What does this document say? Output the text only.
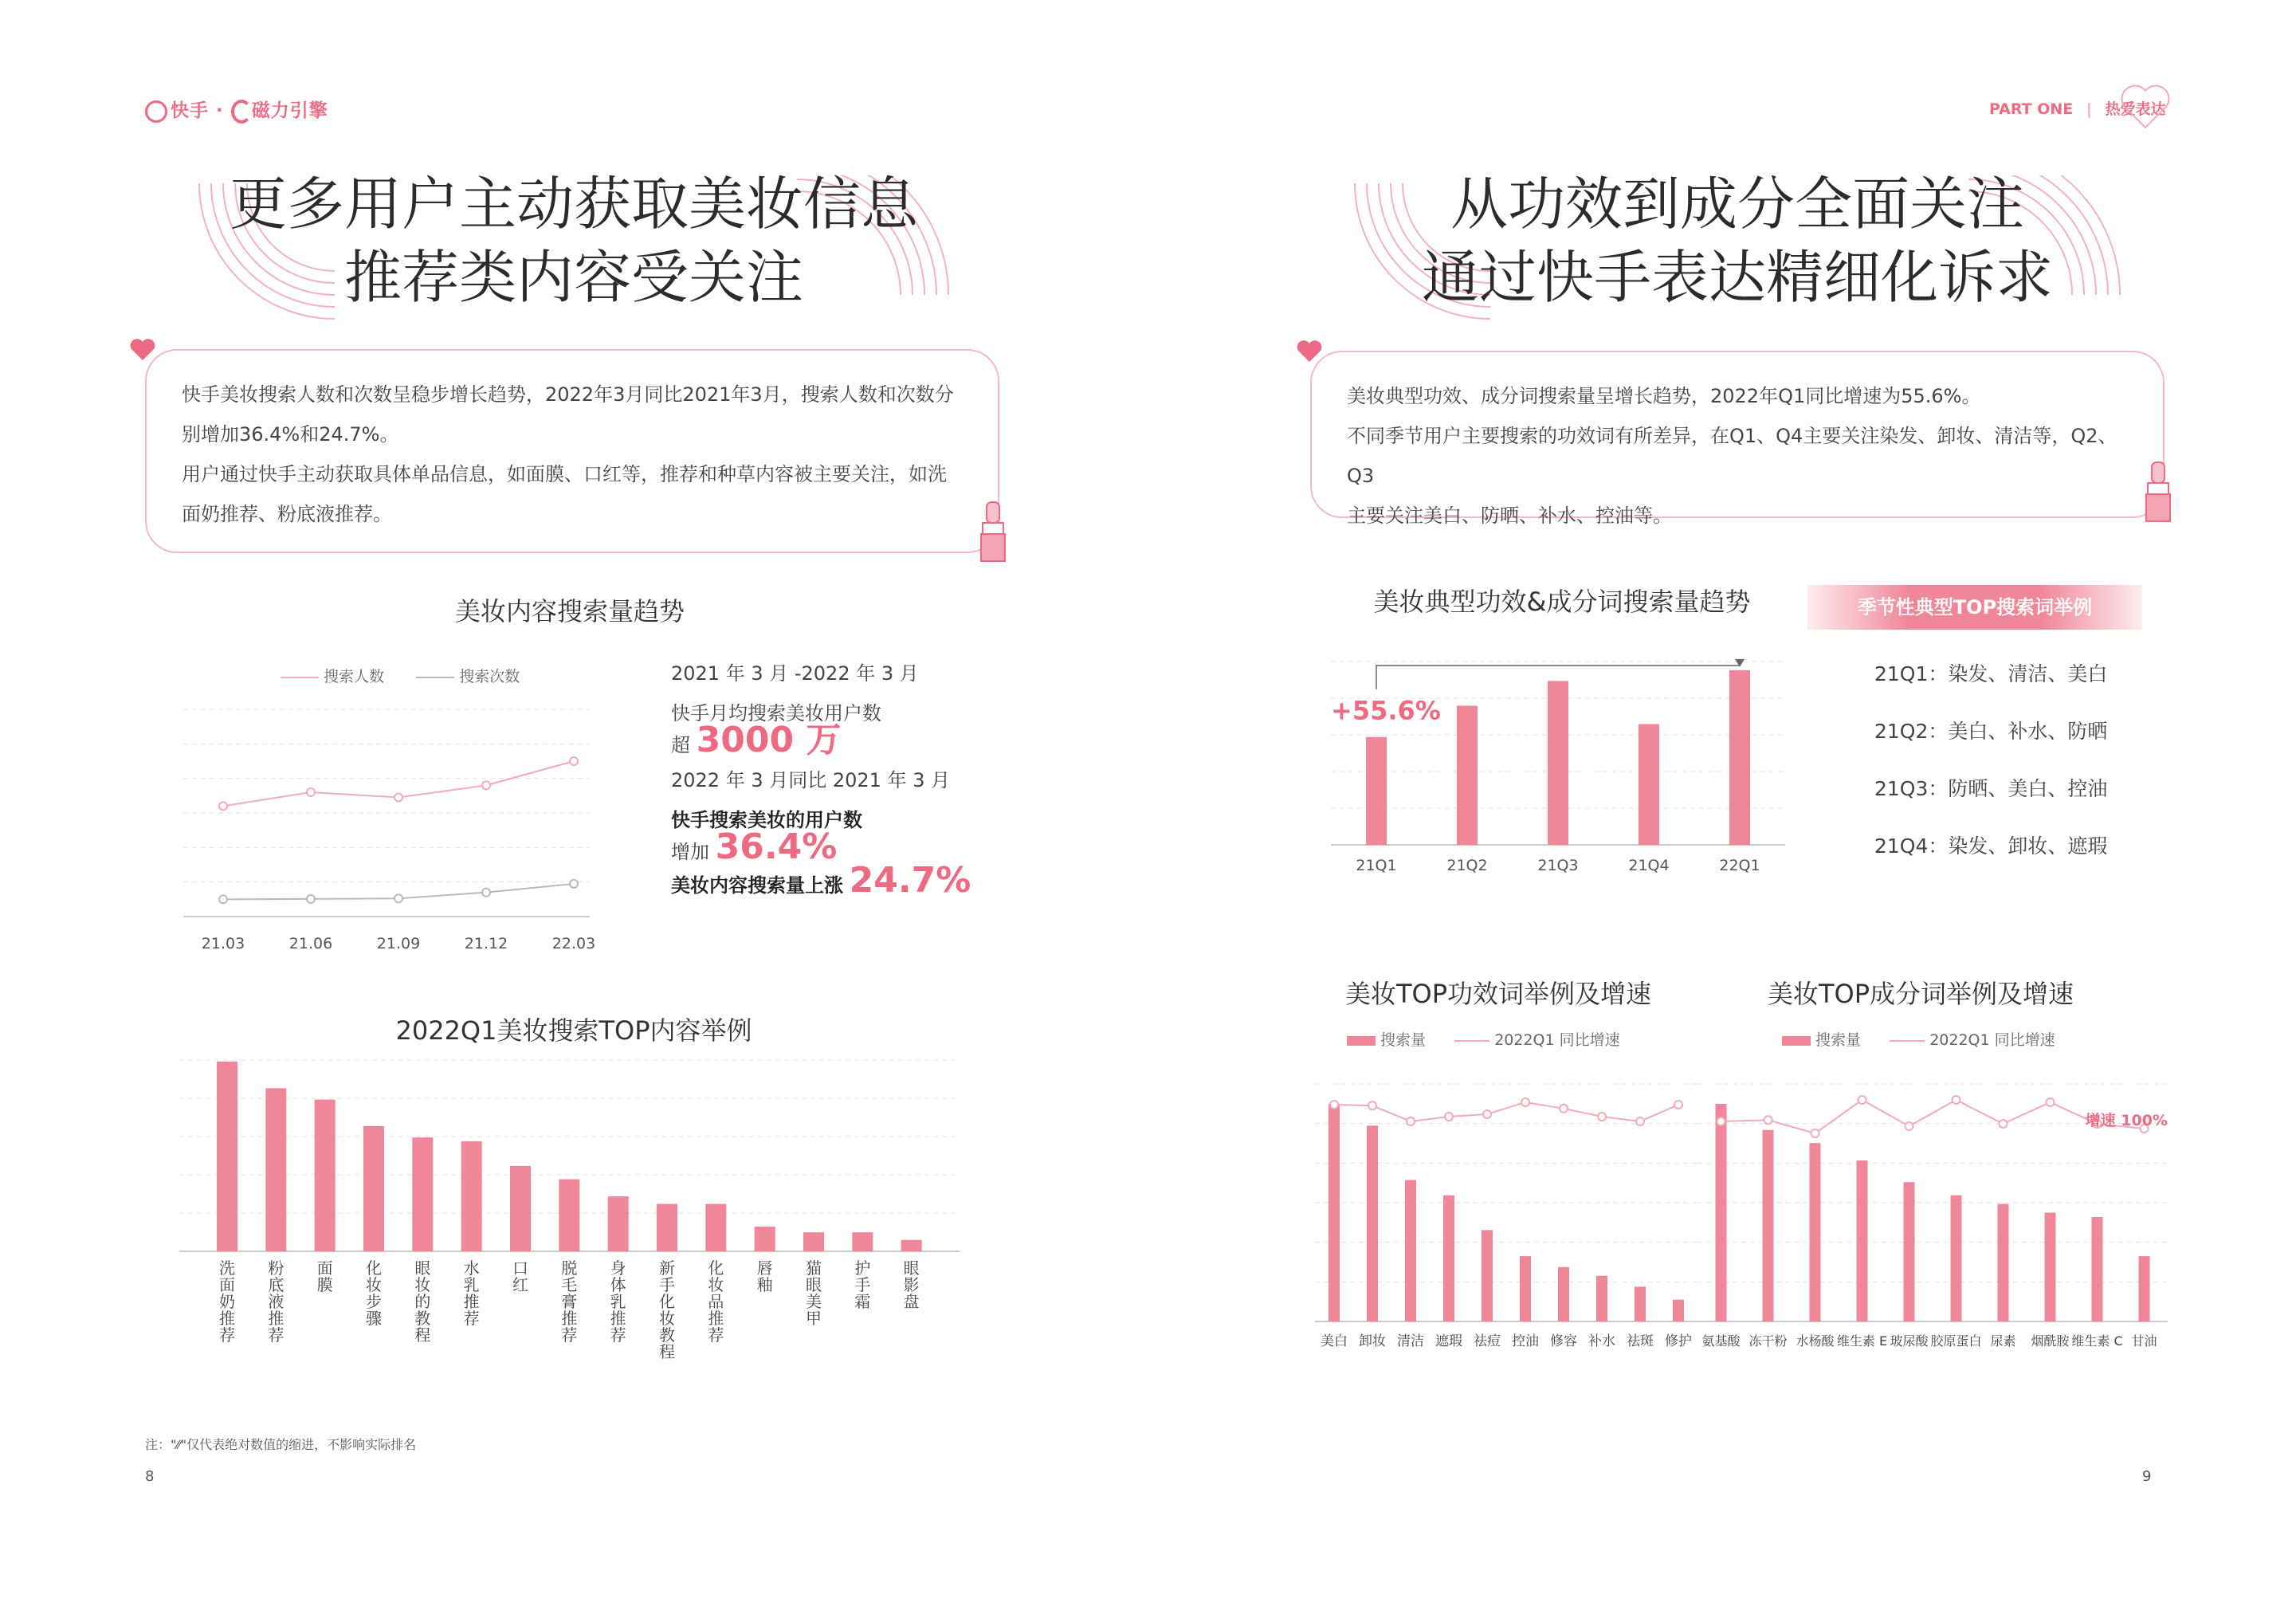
快手 · 磁力引擎
更多用户主动获取美妆信息
推荐类内容受关注

快手美妆搜索人数和次数呈稳步增长趋势，2022年3月同比2021年3月，搜索人数和次数分

别增加36.4%和24.7%。

用户通过快手主动获取具体单品信息，如面膜、口红等，推荐和种草内容被主要关注，如洗

面奶推荐、粉底液推荐。

美妆内容搜索量趋势
搜索人数	搜索次数
21.03	21.06	21.09	21.12	22.03
2021 年 3 月 -2022 年 3 月
快手月均搜索美妆用户数
超 3000 万
2022 年 3 月同比 2021 年 3 月
快手搜索美妆的用户数
增加 36.4%
美妆内容搜索量上涨 24.7%
2022Q1美妆搜索TOP内容举例
洗面奶推荐
粉底液推荐
面膜
化妆步骤
眼妆的教程
水乳推荐
口红
脱毛膏推荐
身体乳推荐
新手化妆教程
化妆品推荐
唇釉
猫眼美甲
护手霜
眼影盘
注："⁄⁄"仅代表绝对数值的缩进，不影响实际排名
8
PART ONE | 热爱表达
从功效到成分全面关注
通过快手表达精细化诉求

美妆典型功效、成分词搜索量呈增长趋势，2022年Q1同比增速为55.6%。

不同季节用户主要搜索的功效词有所差异，在Q1、Q4主要关注染发、卸妆、清洁等，Q2、Q3

主要关注美白、防晒、补水、控油等。

美妆典型功效&成分词搜索量趋势
21Q1	21Q2	21Q3	21Q4	22Q1
+55.6%
季节性典型TOP搜索词举例
21Q1：染发、清洁、美白
21Q2：美白、补水、防晒
21Q3：防晒、美白、控油
21Q4：染发、卸妆、遮瑕
美妆TOP功效词举例及增速	美妆TOP成分词举例及增速
搜索量	2022Q1 同比增速	搜索量	2022Q1 同比增速
美白 卸妆 清洁 遮瑕 祛痘 控油 修容 补水 祛斑 修护 氨基酸 冻干粉 水杨酸 维生素 E 玻尿酸 胶原蛋白 尿素 烟酰胺 维生素 C 甘油
增速 100%
9
